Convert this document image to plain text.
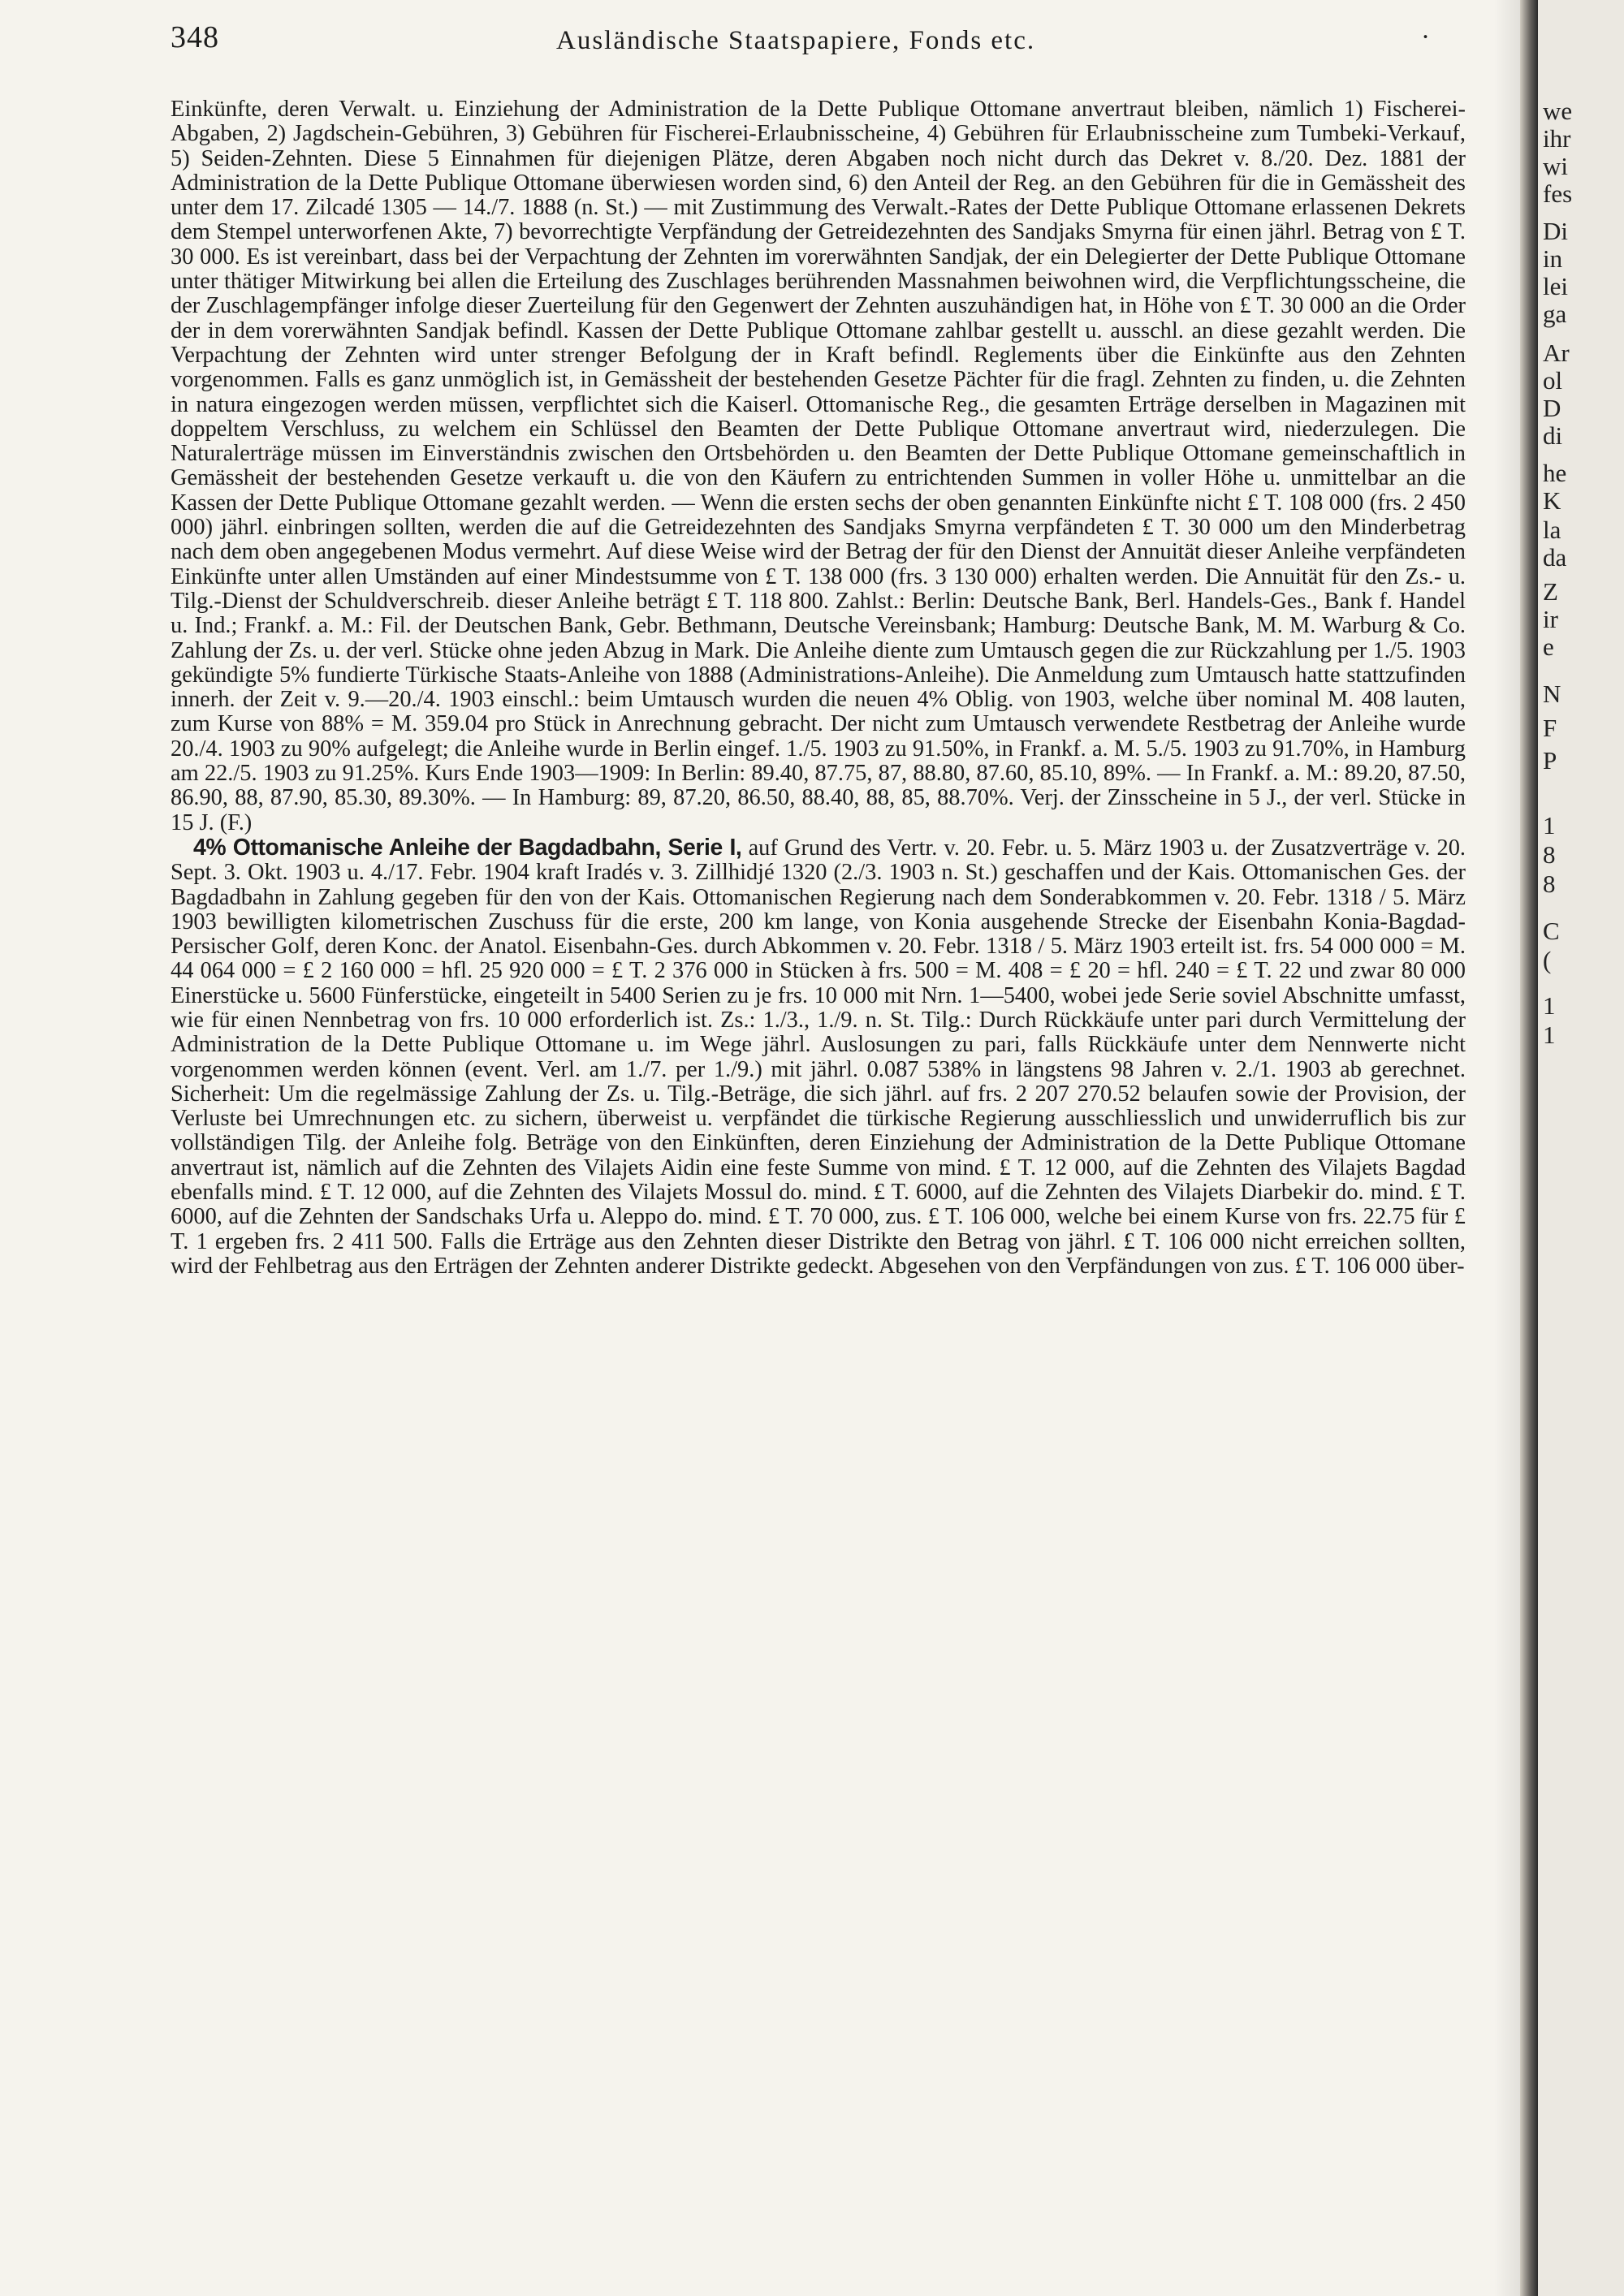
348	Ausländische Staatspapiere, Fonds etc.	·

Einkünfte, deren Verwalt. u. Einziehung der Administration de la Dette Publique Ottomane anvertraut bleiben, nämlich 1) Fischerei-Abgaben, 2) Jagdschein-Gebühren, 3) Gebühren für Fischerei-Erlaubnisscheine, 4) Gebühren für Erlaubnisscheine zum Tumbeki-Verkauf, 5) Seiden-Zehnten. Diese 5 Einnahmen für diejenigen Plätze, deren Abgaben noch nicht durch das Dekret v. 8./20. Dez. 1881 der Administration de la Dette Publique Ottomane überwiesen worden sind, 6) den Anteil der Reg. an den Gebühren für die in Gemässheit des unter dem 17. Zilcadé 1305 — 14./7. 1888 (n. St.) — mit Zustimmung des Verwalt.-Rates der Dette Publique Ottomane erlassenen Dekrets dem Stempel unterworfenen Akte, 7) bevorrechtigte Verpfändung der Getreidezehnten des Sandjaks Smyrna für einen jährl. Betrag von £ T. 30 000. Es ist vereinbart, dass bei der Verpachtung der Zehnten im vorerwähnten Sandjak, der ein Delegierter der Dette Publique Ottomane unter thätiger Mitwirkung bei allen die Erteilung des Zuschlages berührenden Massnahmen beiwohnen wird, die Verpflichtungsscheine, die der Zuschlagempfänger infolge dieser Zuerteilung für den Gegenwert der Zehnten auszuhändigen hat, in Höhe von £ T. 30 000 an die Order der in dem vorerwähnten Sandjak befindl. Kassen der Dette Publique Ottomane zahlbar gestellt u. ausschl. an diese gezahlt werden. Die Verpachtung der Zehnten wird unter strenger Befolgung der in Kraft befindl. Reglements über die Einkünfte aus den Zehnten vorgenommen. Falls es ganz unmöglich ist, in Gemässheit der bestehenden Gesetze Pächter für die fragl. Zehnten zu finden, u. die Zehnten in natura eingezogen werden müssen, verpflichtet sich die Kaiserl. Ottomanische Reg., die gesamten Erträge derselben in Magazinen mit doppeltem Verschluss, zu welchem ein Schlüssel den Beamten der Dette Publique Ottomane anvertraut wird, niederzulegen. Die Naturalerträge müssen im Einverständnis zwischen den Ortsbehörden u. den Beamten der Dette Publique Ottomane gemeinschaftlich in Gemässheit der bestehenden Gesetze verkauft u. die von den Käufern zu entrichtenden Summen in voller Höhe u. unmittelbar an die Kassen der Dette Publique Ottomane gezahlt werden. — Wenn die ersten sechs der oben genannten Einkünfte nicht £ T. 108 000 (frs. 2 450 000) jährl. einbringen sollten, werden die auf die Getreidezehnten des Sandjaks Smyrna verpfändeten £ T. 30 000 um den Minderbetrag nach dem oben angegebenen Modus vermehrt. Auf diese Weise wird der Betrag der für den Dienst der Annuität dieser Anleihe verpfändeten Einkünfte unter allen Umständen auf einer Mindestsumme von £ T. 138 000 (frs. 3 130 000) erhalten werden. Die Annuität für den Zs.- u. Tilg.-Dienst der Schuldverschreib. dieser Anleihe beträgt £ T. 118 800. Zahlst.: Berlin: Deutsche Bank, Berl. Handels-Ges., Bank f. Handel u. Ind.; Frankf. a. M.: Fil. der Deutschen Bank, Gebr. Bethmann, Deutsche Vereinsbank; Hamburg: Deutsche Bank, M. M. Warburg & Co. Zahlung der Zs. u. der verl. Stücke ohne jeden Abzug in Mark. Die Anleihe diente zum Umtausch gegen die zur Rückzahlung per 1./5. 1903 gekündigte 5% fundierte Türkische Staats-Anleihe von 1888 (Administrations-Anleihe). Die Anmeldung zum Umtausch hatte stattzufinden innerh. der Zeit v. 9.—20./4. 1903 einschl.: beim Umtausch wurden die neuen 4% Oblig. von 1903, welche über nominal M. 408 lauten, zum Kurse von 88% = M. 359.04 pro Stück in Anrechnung gebracht. Der nicht zum Umtausch verwendete Restbetrag der Anleihe wurde 20./4. 1903 zu 90% aufgelegt; die Anleihe wurde in Berlin eingef. 1./5. 1903 zu 91.50%, in Frankf. a. M. 5./5. 1903 zu 91.70%, in Hamburg am 22./5. 1903 zu 91.25%. Kurs Ende 1903—1909: In Berlin: 89.40, 87.75, 87, 88.80, 87.60, 85.10, 89%. — In Frankf. a. M.: 89.20, 87.50, 86.90, 88, 87.90, 85.30, 89.30%. — In Hamburg: 89, 87.20, 86.50, 88.40, 88, 85, 88.70%. Verj. der Zinsscheine in 5 J., der verl. Stücke in 15 J. (F.)

4% Ottomanische Anleihe der Bagdadbahn, Serie I, auf Grund des Vertr. v. 20. Febr. u. 5. März 1903 u. der Zusatzverträge v. 20. Sept. 3. Okt. 1903 u. 4./17. Febr. 1904 kraft Iradés v. 3. Zillhidjé 1320 (2./3. 1903 n. St.) geschaffen und der Kais. Ottomanischen Ges. der Bagdadbahn in Zahlung gegeben für den von der Kais. Ottomanischen Regierung nach dem Sonderabkommen v. 20. Febr. 1318 / 5. März 1903 bewilligten kilometrischen Zuschuss für die erste, 200 km lange, von Konia ausgehende Strecke der Eisenbahn Konia-Bagdad-Persischer Golf, deren Konc. der Anatol. Eisenbahn-Ges. durch Abkommen v. 20. Febr. 1318 / 5. März 1903 erteilt ist. frs. 54 000 000 = M. 44 064 000 = £ 2 160 000 = hfl. 25 920 000 = £ T. 2 376 000 in Stücken à frs. 500 = M. 408 = £ 20 = hfl. 240 = £ T. 22 und zwar 80 000 Einerstücke u. 5600 Fünferstücke, eingeteilt in 5400 Serien zu je frs. 10 000 mit Nrn. 1—5400, wobei jede Serie soviel Abschnitte umfasst, wie für einen Nennbetrag von frs. 10 000 erforderlich ist. Zs.: 1./3., 1./9. n. St. Tilg.: Durch Rückkäufe unter pari durch Vermittelung der Administration de la Dette Publique Ottomane u. im Wege jährl. Auslosungen zu pari, falls Rückkäufe unter dem Nennwerte nicht vorgenommen werden können (event. Verl. am 1./7. per 1./9.) mit jährl. 0.087 538% in längstens 98 Jahren v. 2./1. 1903 ab gerechnet. Sicherheit: Um die regelmässige Zahlung der Zs. u. Tilg.-Beträge, die sich jährl. auf frs. 2 207 270.52 belaufen sowie der Provision, der Verluste bei Umrechnungen etc. zu sichern, überweist u. verpfändet die türkische Regierung ausschliesslich und unwiderruflich bis zur vollständigen Tilg. der Anleihe folg. Beträge von den Einkünften, deren Einziehung der Administration de la Dette Publique Ottomane anvertraut ist, nämlich auf die Zehnten des Vilajets Aidin eine feste Summe von mind. £ T. 12 000, auf die Zehnten des Vilajets Bagdad ebenfalls mind. £ T. 12 000, auf die Zehnten des Vilajets Mossul do. mind. £ T. 6000, auf die Zehnten des Vilajets Diarbekir do. mind. £ T. 6000, auf die Zehnten der Sandschaks Urfa u. Aleppo do. mind. £ T. 70 000, zus. £ T. 106 000, welche bei einem Kurse von frs. 22.75 für £ T. 1 ergeben frs. 2 411 500. Falls die Erträge aus den Zehnten dieser Distrikte den Betrag von jährl. £ T. 106 000 nicht erreichen sollten, wird der Fehlbetrag aus den Erträgen der Zehnten anderer Distrikte gedeckt. Abgesehen von den Verpfändungen von zus. £ T. 106 000 über-

we
ihr
wi
fes
Di
in
lei
ga
Ar
ol
D
di
he
K
la
da
Z
ir
e
N
F
P
1
8
8
C
(
1
1
